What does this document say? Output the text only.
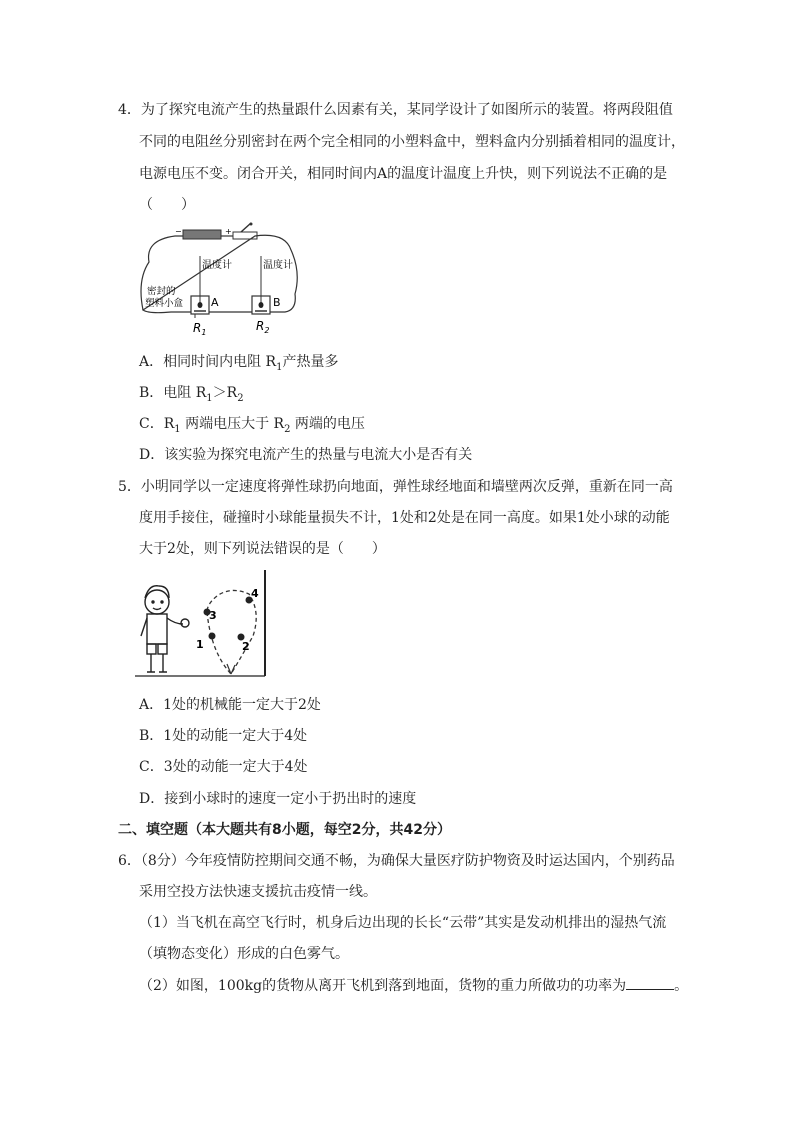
4．为了探究电流产生的热量跟什么因素有关，某同学设计了如图所示的装置。将两段阻值
不同的电阻丝分别密封在两个完全相同的小塑料盒中，塑料盒内分别插着相同的温度计，
电源电压不变。闭合开关，相同时间内A的温度计温度上升快，则下列说法不正确的是
（　　）
−	+
温度计	温度计
密封的
塑料小盒	A	B
$R_1$	$R_2$
A．相同时间内电阻 $R_1$产热量多
B．电阻 $R_1>R_2$
C．$R_1$ 两端电压大于 $R_2$ 两端的电压
D．该实验为探究电流产生的热量与电流大小是否有关
5．小明同学以一定速度将弹性球扔向地面，弹性球经地面和墙壁两次反弹，重新在同一高
度用手接住，碰撞时小球能量损失不计，1处和2处是在同一高度。如果1处小球的动能
大于2处，则下列说法错误的是（　　）
3
1	2
4
A．1处的机械能一定大于2处
B．1处的动能一定大于4处
C．3处的动能一定大于4处
D．接到小球时的速度一定小于扔出时的速度
二、填空题（本大题共有8小题，每空2分，共42分）
6．（8分）今年疫情防控期间交通不畅，为确保大量医疗防护物资及时运达国内，个别药品
采用空投方法快速支援抗击疫情一线。
（1）当飞机在高空飞行时，机身后边出现的长长“云带”其实是发动机排出的湿热气流
（填物态变化）形成的白色雾气。
（2）如图，100kg的货物从离开飞机到落到地面，货物的重力所做功的功率为	。
